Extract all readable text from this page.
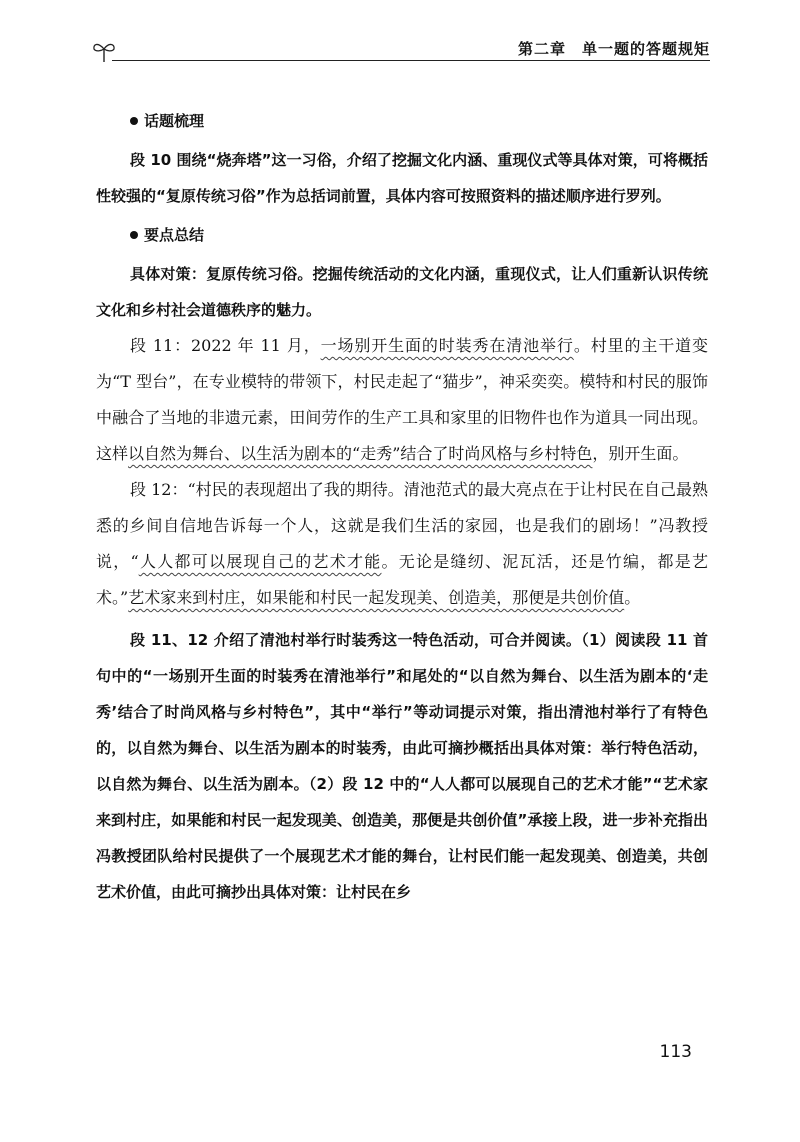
第二章　单一题的答题规矩
话题梳理

段 10 围绕“烧奔塔”这一习俗，介绍了挖掘文化内涵、重现仪式等具体对策，可将概括性较强的“复原传统习俗”作为总括词前置，具体内容可按照资料的描述顺序进行罗列。

要点总结

具体对策：复原传统习俗。挖掘传统活动的文化内涵，重现仪式，让人们重新认识传统文化和乡村社会道德秩序的魅力。

段 11：2022 年 11 月，一场别开生面的时装秀在清池举行。村里的主干道变为“T 型台”，在专业模特的带领下，村民走起了“猫步”，神采奕奕。模特和村民的服饰中融合了当地的非遗元素，田间劳作的生产工具和家里的旧物件也作为道具一同出现。这样以自然为舞台、以生活为剧本的“走秀”结合了时尚风格与乡村特色，别开生面。

段 12：“村民的表现超出了我的期待。清池范式的最大亮点在于让村民在自己最熟悉的乡间自信地告诉每一个人，这就是我们生活的家园，也是我们的剧场！”冯教授说，“人人都可以展现自己的艺术才能。无论是缝纫、泥瓦活，还是竹编，都是艺术。”艺术家来到村庄，如果能和村民一起发现美、创造美，那便是共创价值。

段 11、12 介绍了清池村举行时装秀这一特色活动，可合并阅读。（1）阅读段 11 首句中的“一场别开生面的时装秀在清池举行”和尾处的“以自然为舞台、以生活为剧本的‘走秀’结合了时尚风格与乡村特色”，其中“举行”等动词提示对策，指出清池村举行了有特色的，以自然为舞台、以生活为剧本的时装秀，由此可摘抄概括出具体对策：举行特色活动，以自然为舞台、以生活为剧本。（2）段 12 中的“人人都可以展现自己的艺术才能”“艺术家来到村庄，如果能和村民一起发现美、创造美，那便是共创价值”承接上段，进一步补充指出冯教授团队给村民提供了一个展现艺术才能的舞台，让村民们能一起发现美、创造美，共创艺术价值，由此可摘抄出具体对策：让村民在乡

113
